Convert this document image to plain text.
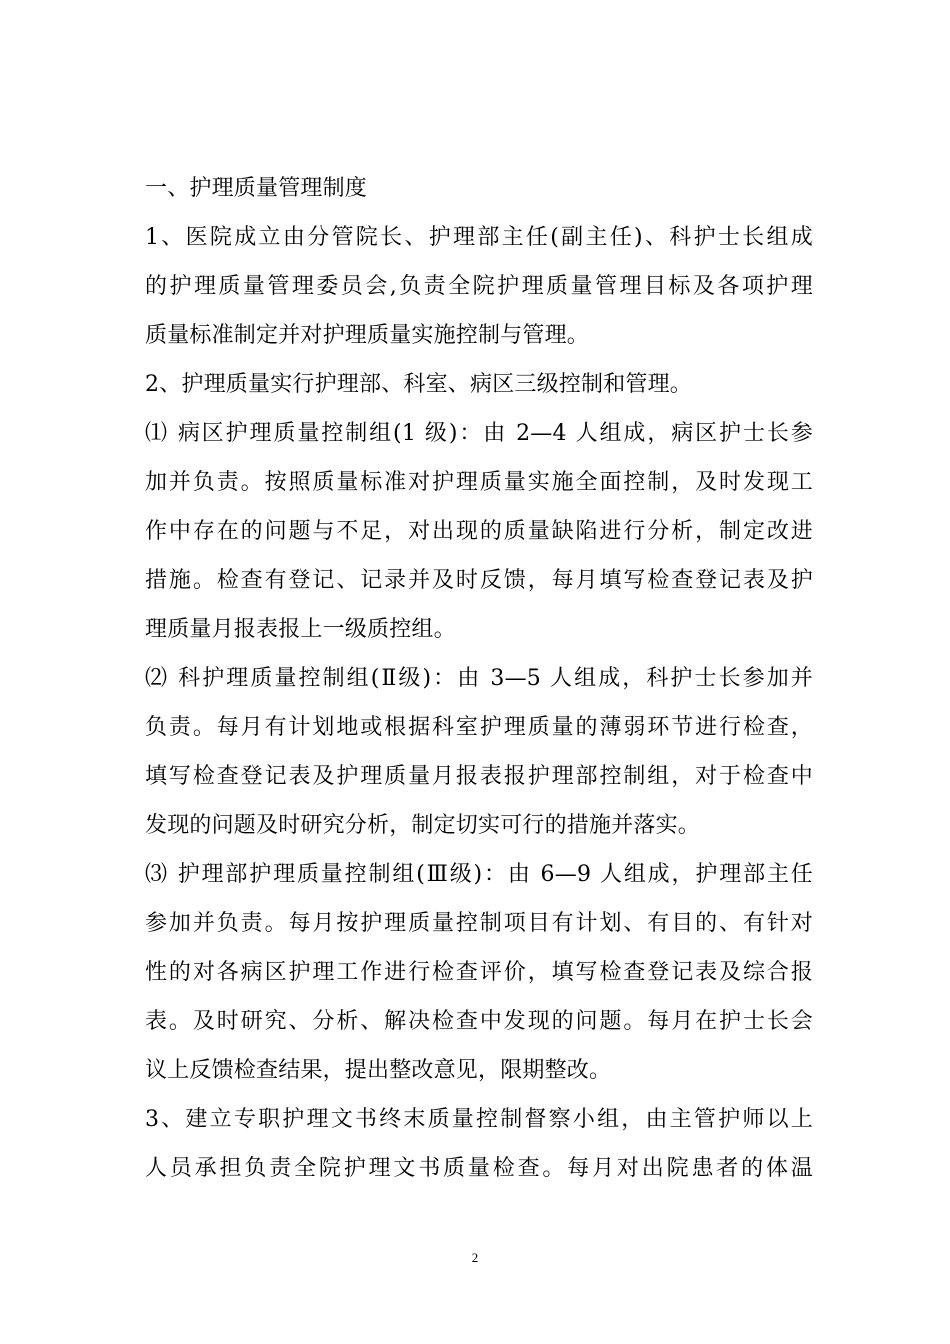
一、护理质量管理制度
1、医院成立由分管院长、护理部主任(副主任)、科护士长组成
的护理质量管理委员会,负责全院护理质量管理目标及各项护理
质量标准制定并对护理质量实施控制与管理。
2、护理质量实行护理部、科室、病区三级控制和管理。
⑴ 病区护理质量控制组(1 级)：由 2—4 人组成，病区护士长参
加并负责。按照质量标准对护理质量实施全面控制，及时发现工
作中存在的问题与不足，对出现的质量缺陷进行分析，制定改进
措施。检查有登记、记录并及时反馈，每月填写检查登记表及护
理质量月报表报上一级质控组。
⑵ 科护理质量控制组(Ⅱ级)：由 3—5 人组成，科护士长参加并
负责。每月有计划地或根据科室护理质量的薄弱环节进行检查，
填写检查登记表及护理质量月报表报护理部控制组，对于检查中
发现的问题及时研究分析，制定切实可行的措施并落实。
⑶ 护理部护理质量控制组(Ⅲ级)：由 6—9 人组成，护理部主任
参加并负责。每月按护理质量控制项目有计划、有目的、有针对
性的对各病区护理工作进行检查评价，填写检查登记表及综合报
表。及时研究、分析、解决检查中发现的问题。每月在护士长会
议上反馈检查结果，提出整改意见，限期整改。
3、建立专职护理文书终末质量控制督察小组，由主管护师以上
人员承担负责全院护理文书质量检查。每月对出院患者的体温
2
